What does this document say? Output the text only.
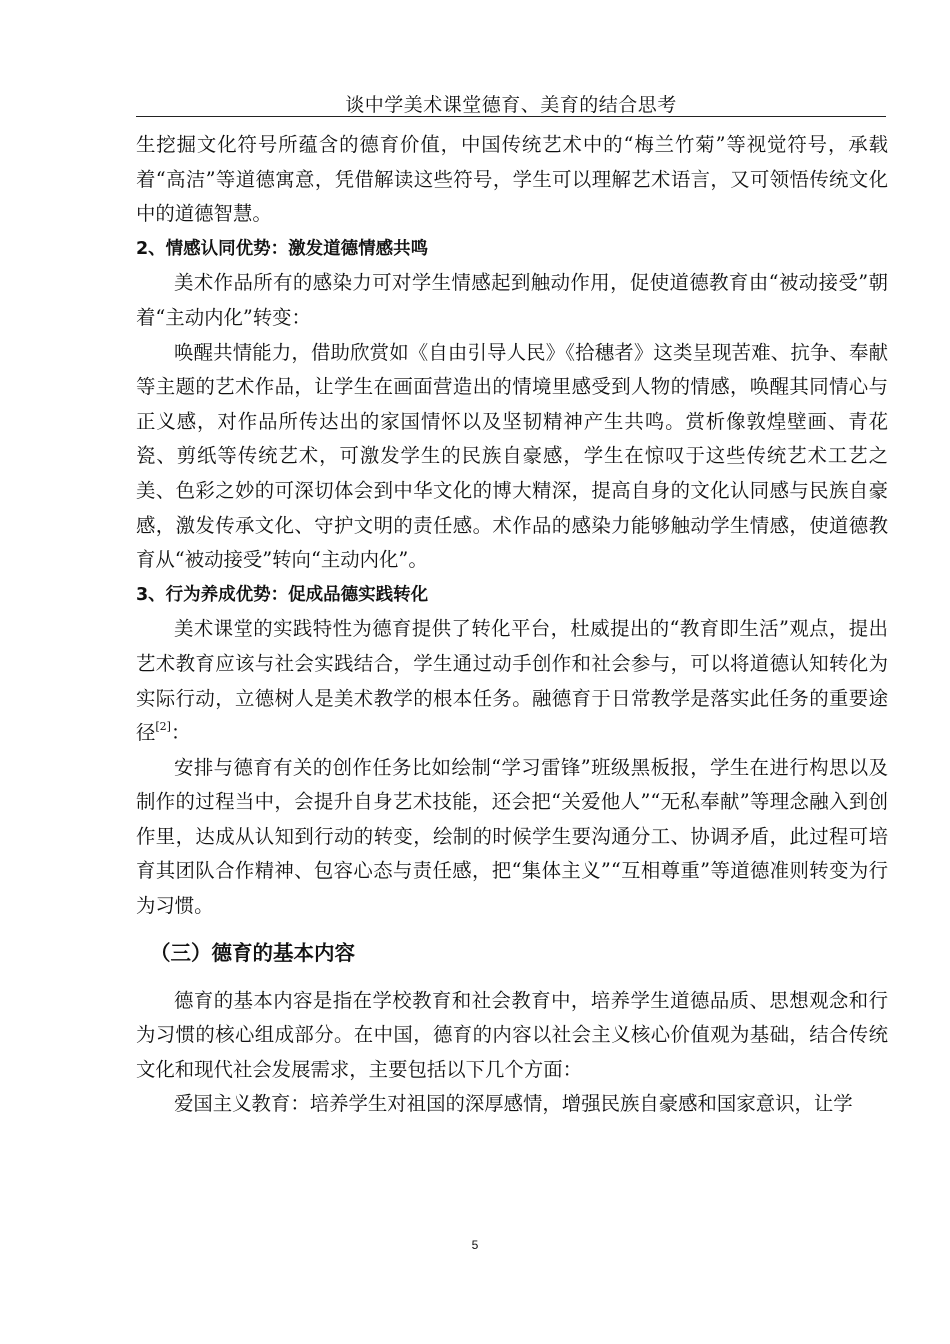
谈中学美术课堂德育、美育的结合思考

生挖掘文化符号所蕴含的德育价值，中国传统艺术中的“梅兰竹菊”等视觉符号，承载着“高洁”等道德寓意，凭借解读这些符号，学生可以理解艺术语言，又可领悟传统文化中的道德智慧。

2、情感认同优势：激发道德情感共鸣

美术作品所有的感染力可对学生情感起到触动作用，促使道德教育由“被动接受”朝着“主动内化”转变：

唤醒共情能力，借助欣赏如《自由引导人民》《拾穗者》这类呈现苦难、抗争、奉献等主题的艺术作品，让学生在画面营造出的情境里感受到人物的情感，唤醒其同情心与正义感，对作品所传达出的家国情怀以及坚韧精神产生共鸣。赏析像敦煌壁画、青花瓷、剪纸等传统艺术，可激发学生的民族自豪感，学生在惊叹于这些传统艺术工艺之美、色彩之妙的可深切体会到中华文化的博大精深，提高自身的文化认同感与民族自豪感，激发传承文化、守护文明的责任感。术作品的感染力能够触动学生情感，使道德教育从“被动接受”转向“主动内化”。

3、行为养成优势：促成品德实践转化

美术课堂的实践特性为德育提供了转化平台，杜威提出的“教育即生活”观点，提出艺术教育应该与社会实践结合，学生通过动手创作和社会参与，可以将道德认知转化为实际行动，立德树人是美术教学的根本任务。融德育于日常教学是落实此任务的重要途径[2]：

安排与德育有关的创作任务比如绘制“学习雷锋”班级黑板报，学生在进行构思以及制作的过程当中，会提升自身艺术技能，还会把“关爱他人”“无私奉献”等理念融入到创作里，达成从认知到行动的转变，绘制的时候学生要沟通分工、协调矛盾，此过程可培育其团队合作精神、包容心态与责任感，把“集体主义”“互相尊重”等道德准则转变为行为习惯。

（三）德育的基本内容

德育的基本内容是指在学校教育和社会教育中，培养学生道德品质、思想观念和行为习惯的核心组成部分。在中国，德育的内容以社会主义核心价值观为基础，结合传统文化和现代社会发展需求，主要包括以下几个方面：

爱国主义教育：培养学生对祖国的深厚感情，增强民族自豪感和国家意识，让学

5
